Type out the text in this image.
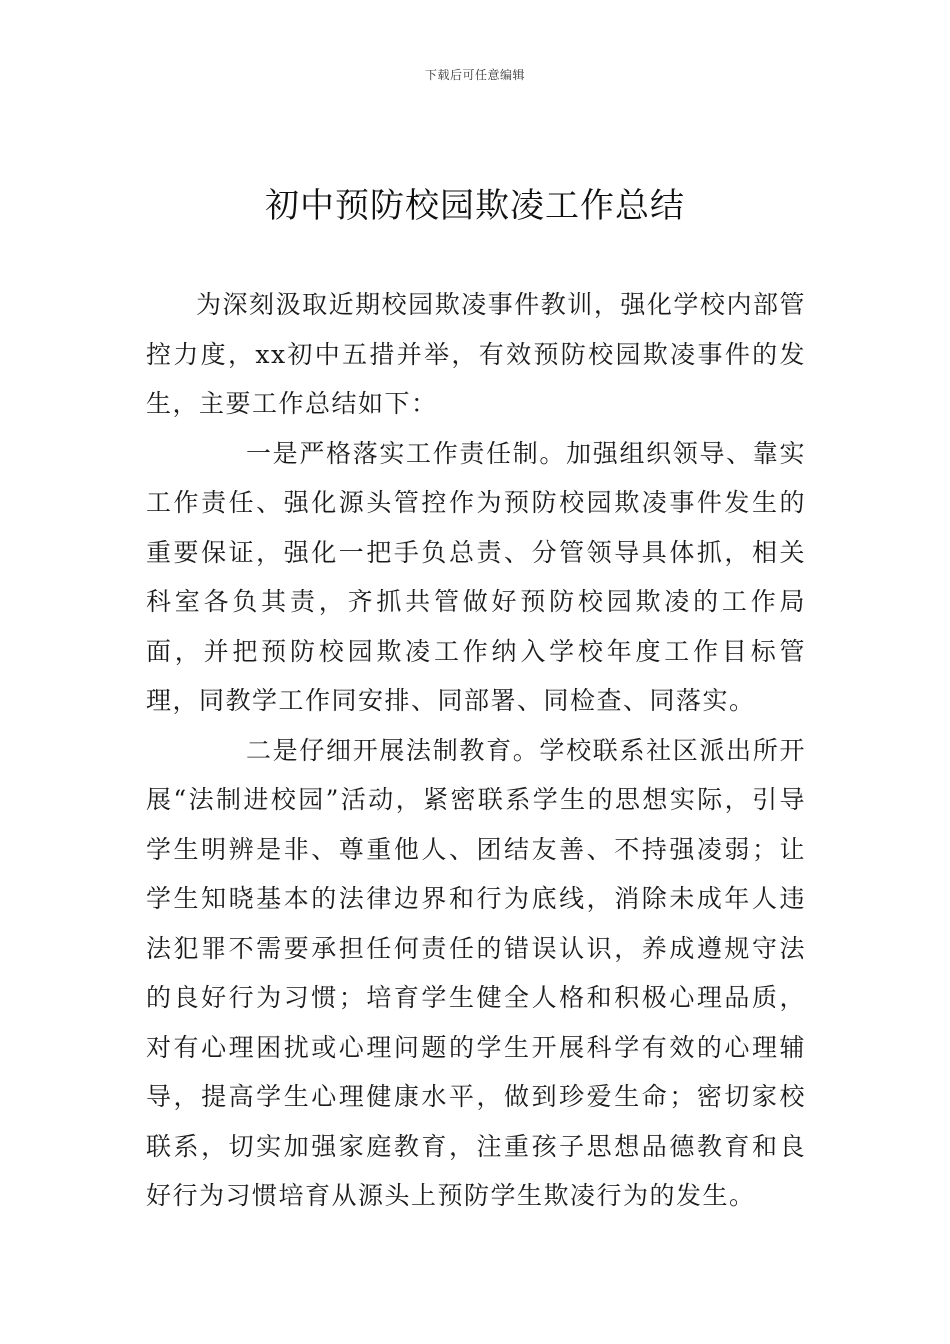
下载后可任意编辑
初中预防校园欺凌工作总结

为深刻汲取近期校园欺凌事件教训，强化学校内部管控力度，xx初中五措并举，有效预防校园欺凌事件的发生，主要工作总结如下：

一是严格落实工作责任制。加强组织领导、靠实工作责任、强化源头管控作为预防校园欺凌事件发生的重要保证，强化一把手负总责、分管领导具体抓，相关科室各负其责，齐抓共管做好预防校园欺凌的工作局面，并把预防校园欺凌工作纳入学校年度工作目标管理，同教学工作同安排、同部署、同检查、同落实。

二是仔细开展法制教育。学校联系社区派出所开展“法制进校园”活动，紧密联系学生的思想实际，引导学生明辨是非、尊重他人、团结友善、不持强凌弱；让学生知晓基本的法律边界和行为底线，消除未成年人违法犯罪不需要承担任何责任的错误认识，养成遵规守法的良好行为习惯；培育学生健全人格和积极心理品质，对有心理困扰或心理问题的学生开展科学有效的心理辅导，提高学生心理健康水平，做到珍爱生命；密切家校联系，切实加强家庭教育，注重孩子思想品德教育和良好行为习惯培育从源头上预防学生欺凌行为的发生。
